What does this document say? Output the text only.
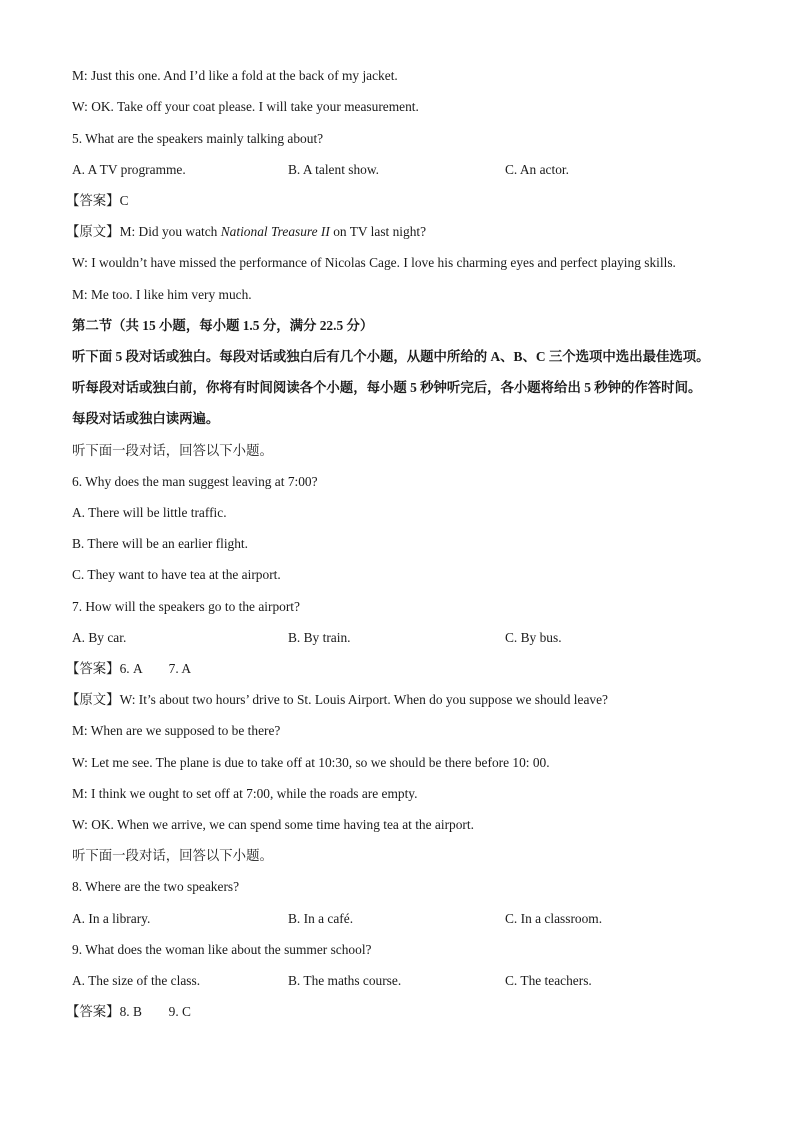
M: Just this one. And I’d like a fold at the back of my jacket.
W: OK. Take off your coat please. I will take your measurement.
5. What are the speakers mainly talking about?
A. A TV programme.	B. A talent show.	C. An actor.
【答案】C
【原文】M: Did you watch National Treasure II on TV last night?
W: I wouldn’t have missed the performance of Nicolas Cage. I love his charming eyes and perfect playing skills.
M: Me too. I like him very much.
第二节（共 15 小题，每小题 1.5 分，满分 22.5 分）
听下面 5 段对话或独白。每段对话或独白后有几个小题，从题中所给的 A、B、C 三个选项中选出最佳选项。
听每段对话或独白前，你将有时间阅读各个小题，每小题 5 秒钟听完后，各小题将给出 5 秒钟的作答时间。
每段对话或独白读两遍。
听下面一段对话，回答以下小题。
6. Why does the man suggest leaving at 7:00?
A. There will be little traffic.
B. There will be an earlier flight.
C. They want to have tea at the airport.
7. How will the speakers go to the airport?
A. By car.	B. By train.	C. By bus.
【答案】6. A        7. A
【原文】W: It’s about two hours’ drive to St. Louis Airport. When do you suppose we should leave?
M: When are we supposed to be there?
W: Let me see. The plane is due to take off at 10:30, so we should be there before 10: 00.
M: I think we ought to set off at 7:00, while the roads are empty.
W: OK. When we arrive, we can spend some time having tea at the airport.
听下面一段对话，回答以下小题。
8. Where are the two speakers?
A. In a library.	B. In a café.	C. In a classroom.
9. What does the woman like about the summer school?
A. The size of the class.	B. The maths course.	C. The teachers.
【答案】8. B        9. C
